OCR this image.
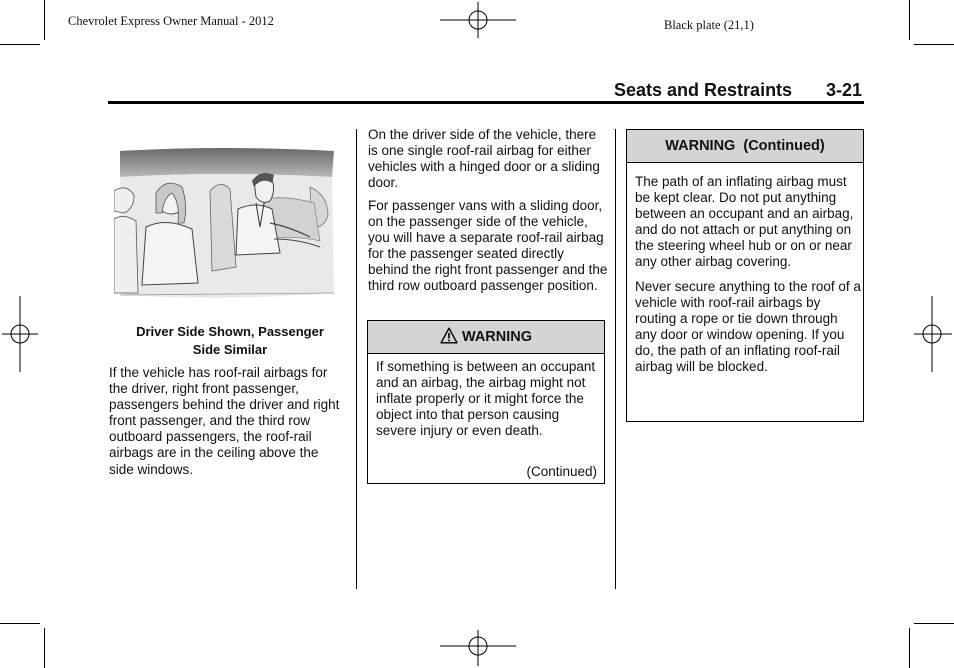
Chevrolet Express Owner Manual - 2012	Black plate (21,1)
Seats and Restraints 3-21
Driver Side Shown, Passenger
Side Similar

If the vehicle has roof-rail airbags for the driver, right front passenger, passengers behind the driver and right front passenger, and the third row outboard passengers, the roof-rail airbags are in the ceiling above the side windows.

On the driver side of the vehicle, there is one single roof-rail airbag for either vehicles with a hinged door or a sliding door.

For passenger vans with a sliding door, on the passenger side of the vehicle, you will have a separate roof-rail airbag for the passenger seated directly behind the right front passenger and the third row outboard passenger position.

WARNING

If something is between an occupant and an airbag, the airbag might not inflate properly or it might force the object into that person causing severe injury or even death.

(Continued)
WARNING  (Continued)

The path of an inflating airbag must be kept clear. Do not put anything between an occupant and an airbag, and do not attach or put anything on the steering wheel hub or on or near any other airbag covering.

Never secure anything to the roof of a vehicle with roof-rail airbags by routing a rope or tie down through any door or window opening. If you do, the path of an inflating roof-rail airbag will be blocked.
